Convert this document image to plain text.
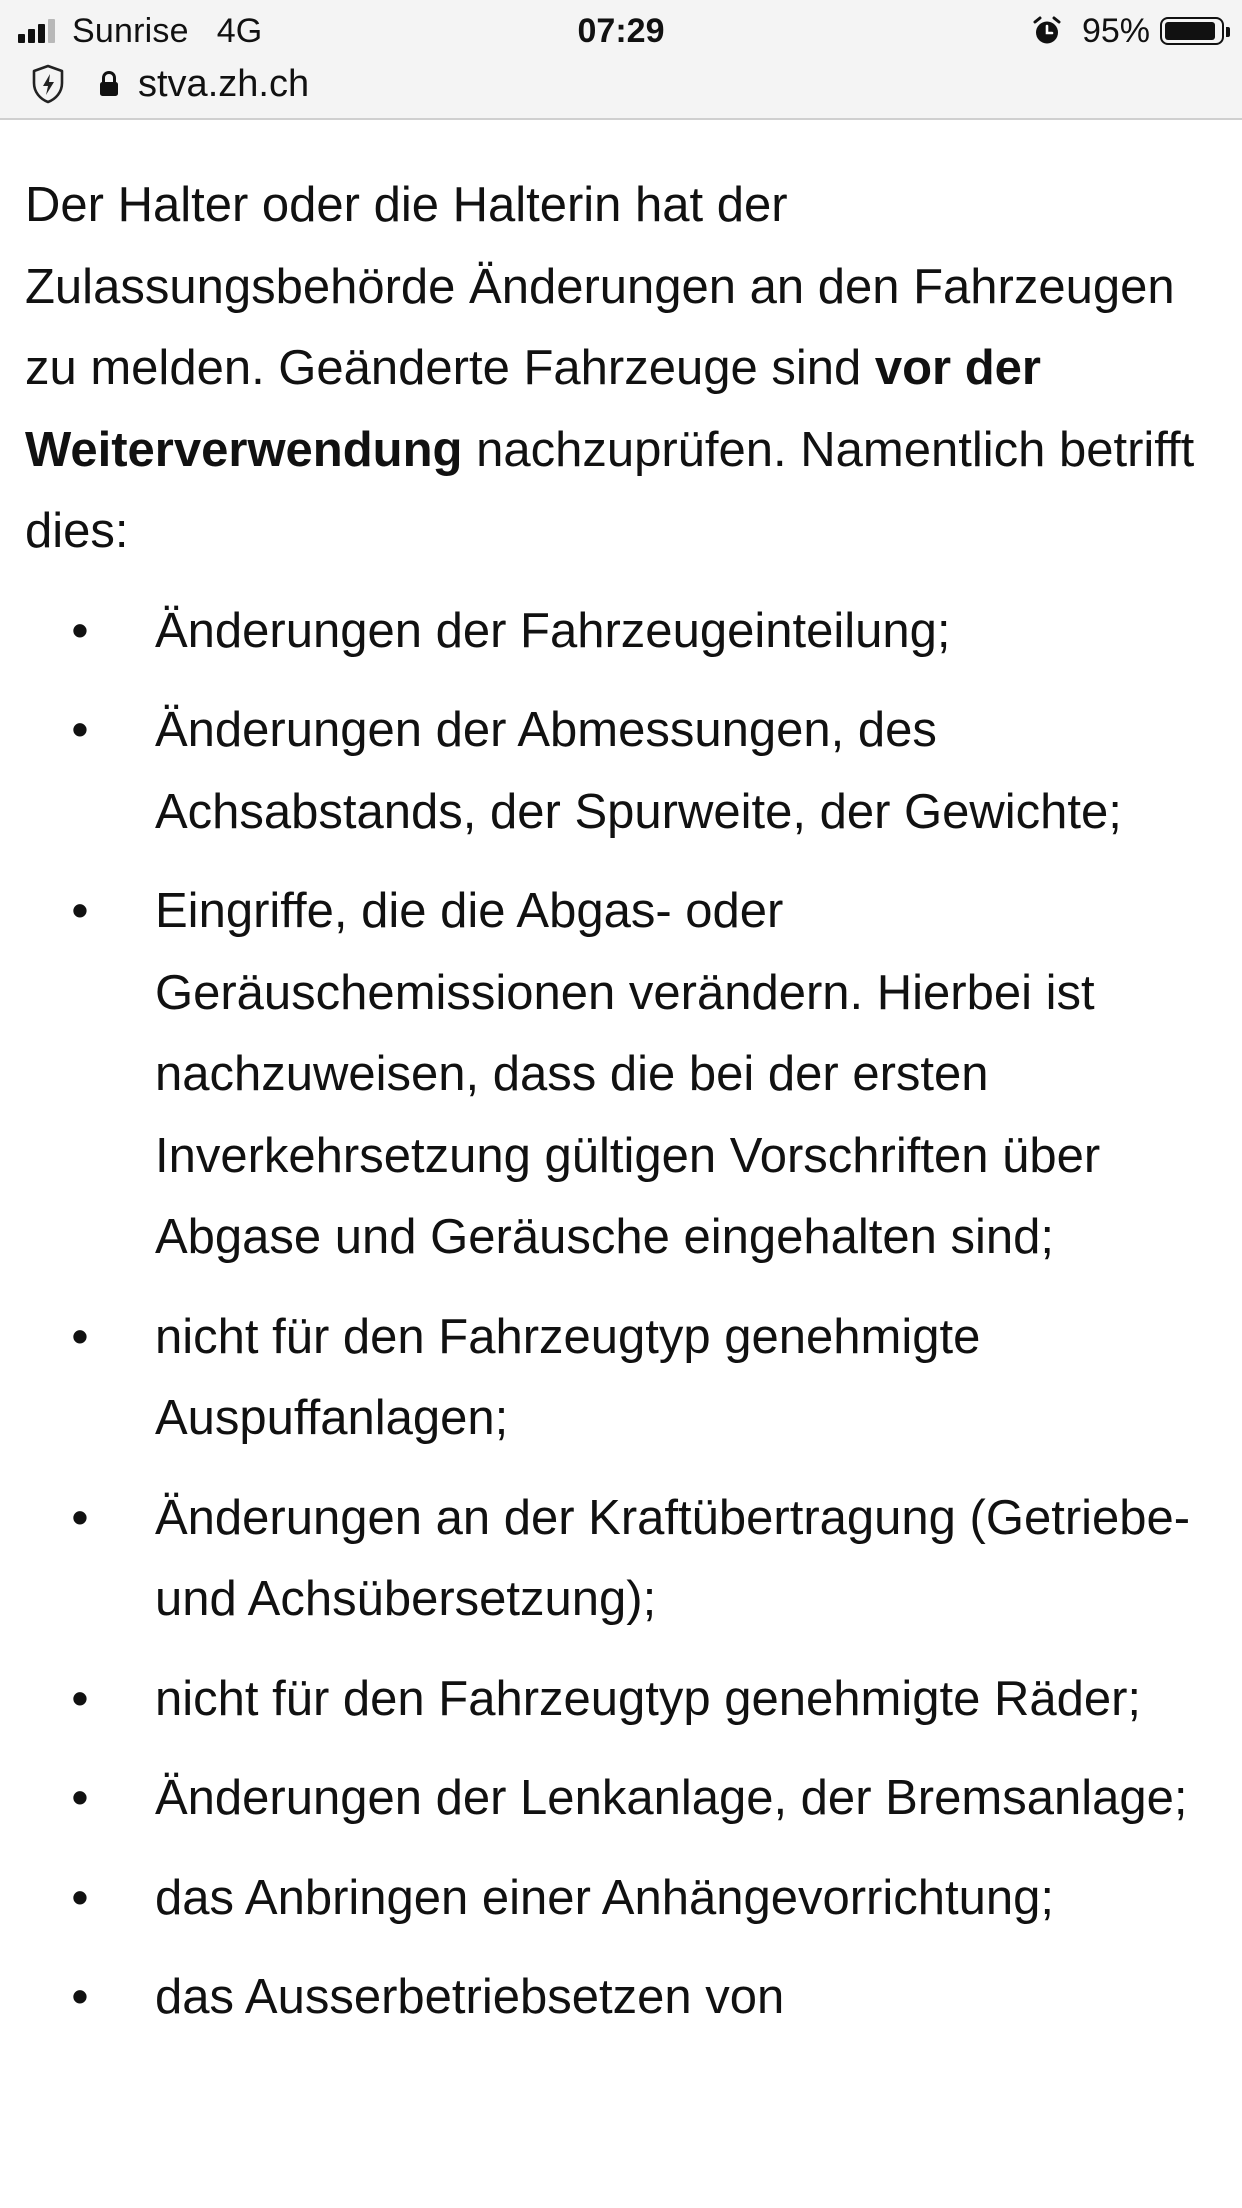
Sunrise 4G	07:29	95%
stva.zh.ch

Der Halter oder die Halterin hat der Zulassungsbehörde Änderungen an den Fahrzeugen zu melden. Geänderte Fahrzeuge sind vor der Weiterverwendung nachzuprüfen. Namentlich betrifft dies:

• Änderungen der Fahrzeugeinteilung;
• Änderungen der Abmessungen, des Achsabstands, der Spurweite, der Gewichte;
• Eingriffe, die die Abgas- oder Geräuschemissionen verändern. Hierbei ist nachzuweisen, dass die bei der ersten Inverkehrsetzung gültigen Vorschriften über Abgase und Geräusche eingehalten sind;
• nicht für den Fahrzeugtyp genehmigte Auspuffanlagen;
• Änderungen an der Kraftübertragung (Getriebe- und Achsübersetzung);
• nicht für den Fahrzeugtyp genehmigte Räder;
• Änderungen der Lenkanlage, der Bremsanlage;
• das Anbringen einer Anhängevorrichtung;
• das Ausserbetriebsetzen von
